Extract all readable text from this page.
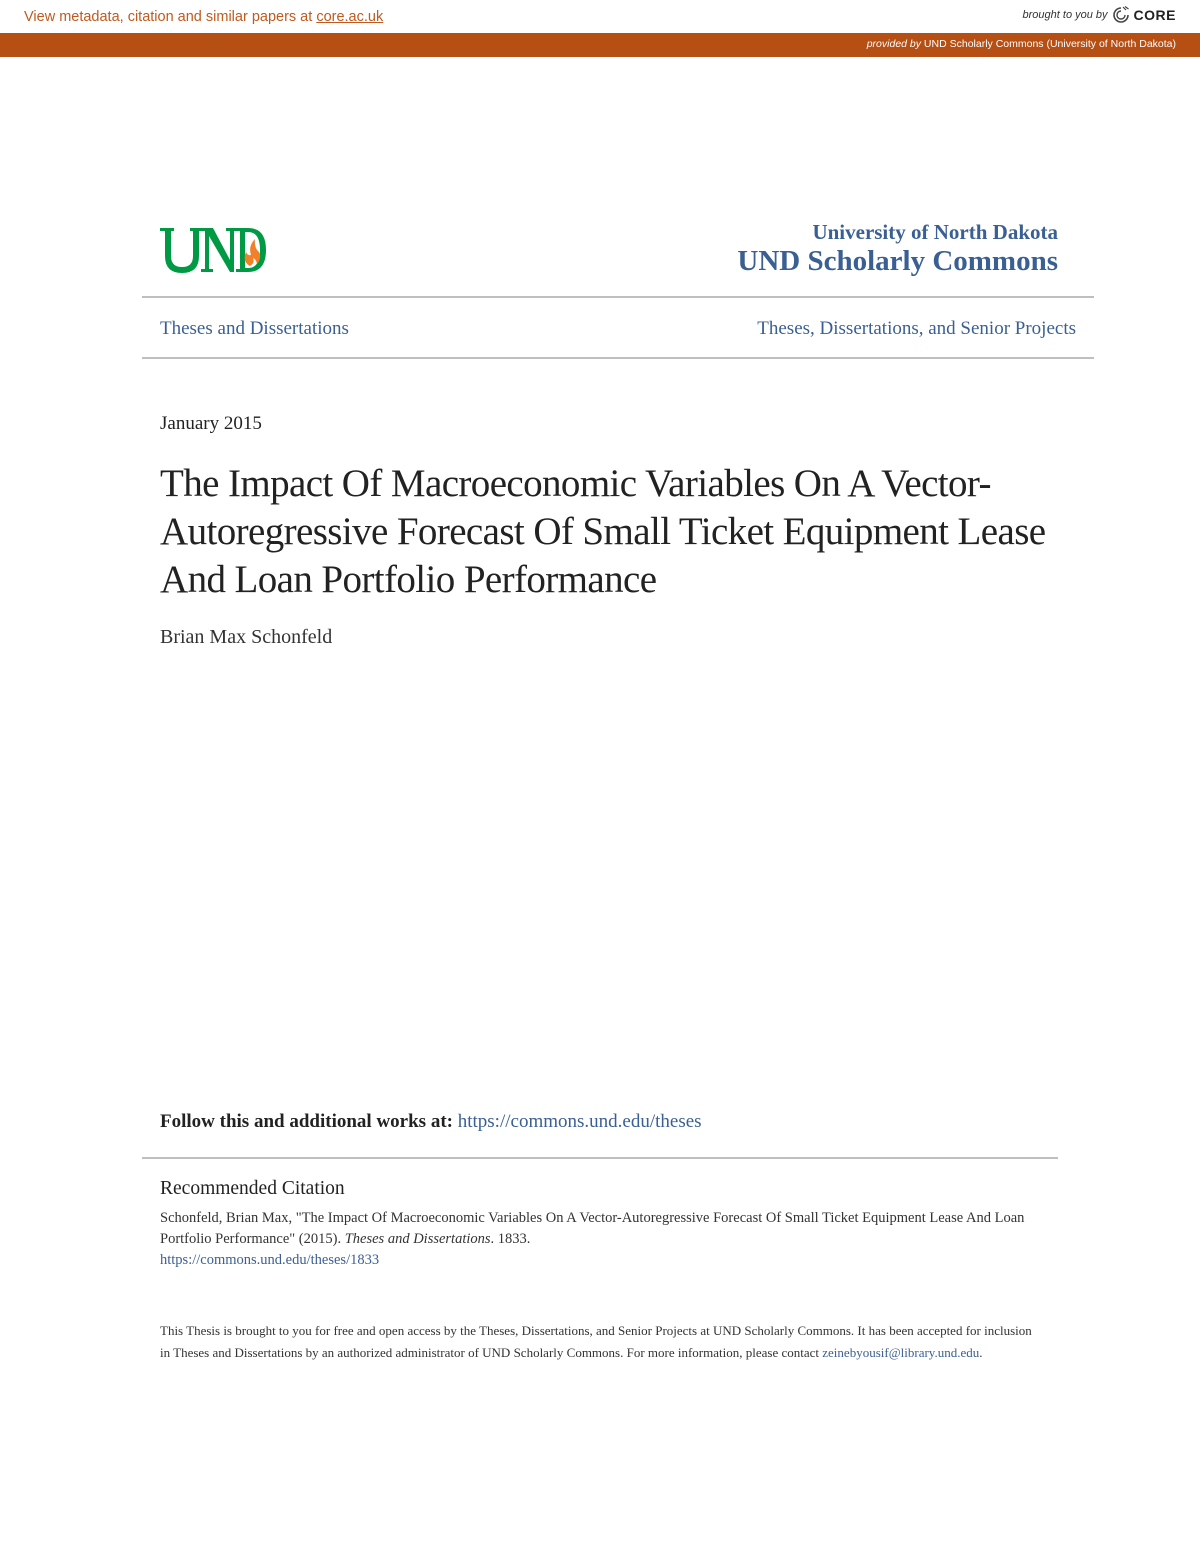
View metadata, citation and similar papers at core.ac.uk	brought to you by CORE
provided by UND Scholarly Commons (University of North Dakota)
University of North Dakota
UND Scholarly Commons
Theses and Dissertations	Theses, Dissertations, and Senior Projects
January 2015
The Impact Of Macroeconomic Variables On A Vector-Autoregressive Forecast Of Small Ticket Equipment Lease And Loan Portfolio Performance
Brian Max Schonfeld
Follow this and additional works at: https://commons.und.edu/theses
Recommended Citation
Schonfeld, Brian Max, "The Impact Of Macroeconomic Variables On A Vector-Autoregressive Forecast Of Small Ticket Equipment Lease And Loan Portfolio Performance" (2015). Theses and Dissertations. 1833.
https://commons.und.edu/theses/1833
This Thesis is brought to you for free and open access by the Theses, Dissertations, and Senior Projects at UND Scholarly Commons. It has been accepted for inclusion in Theses and Dissertations by an authorized administrator of UND Scholarly Commons. For more information, please contact zeinebyousif@library.und.edu.
